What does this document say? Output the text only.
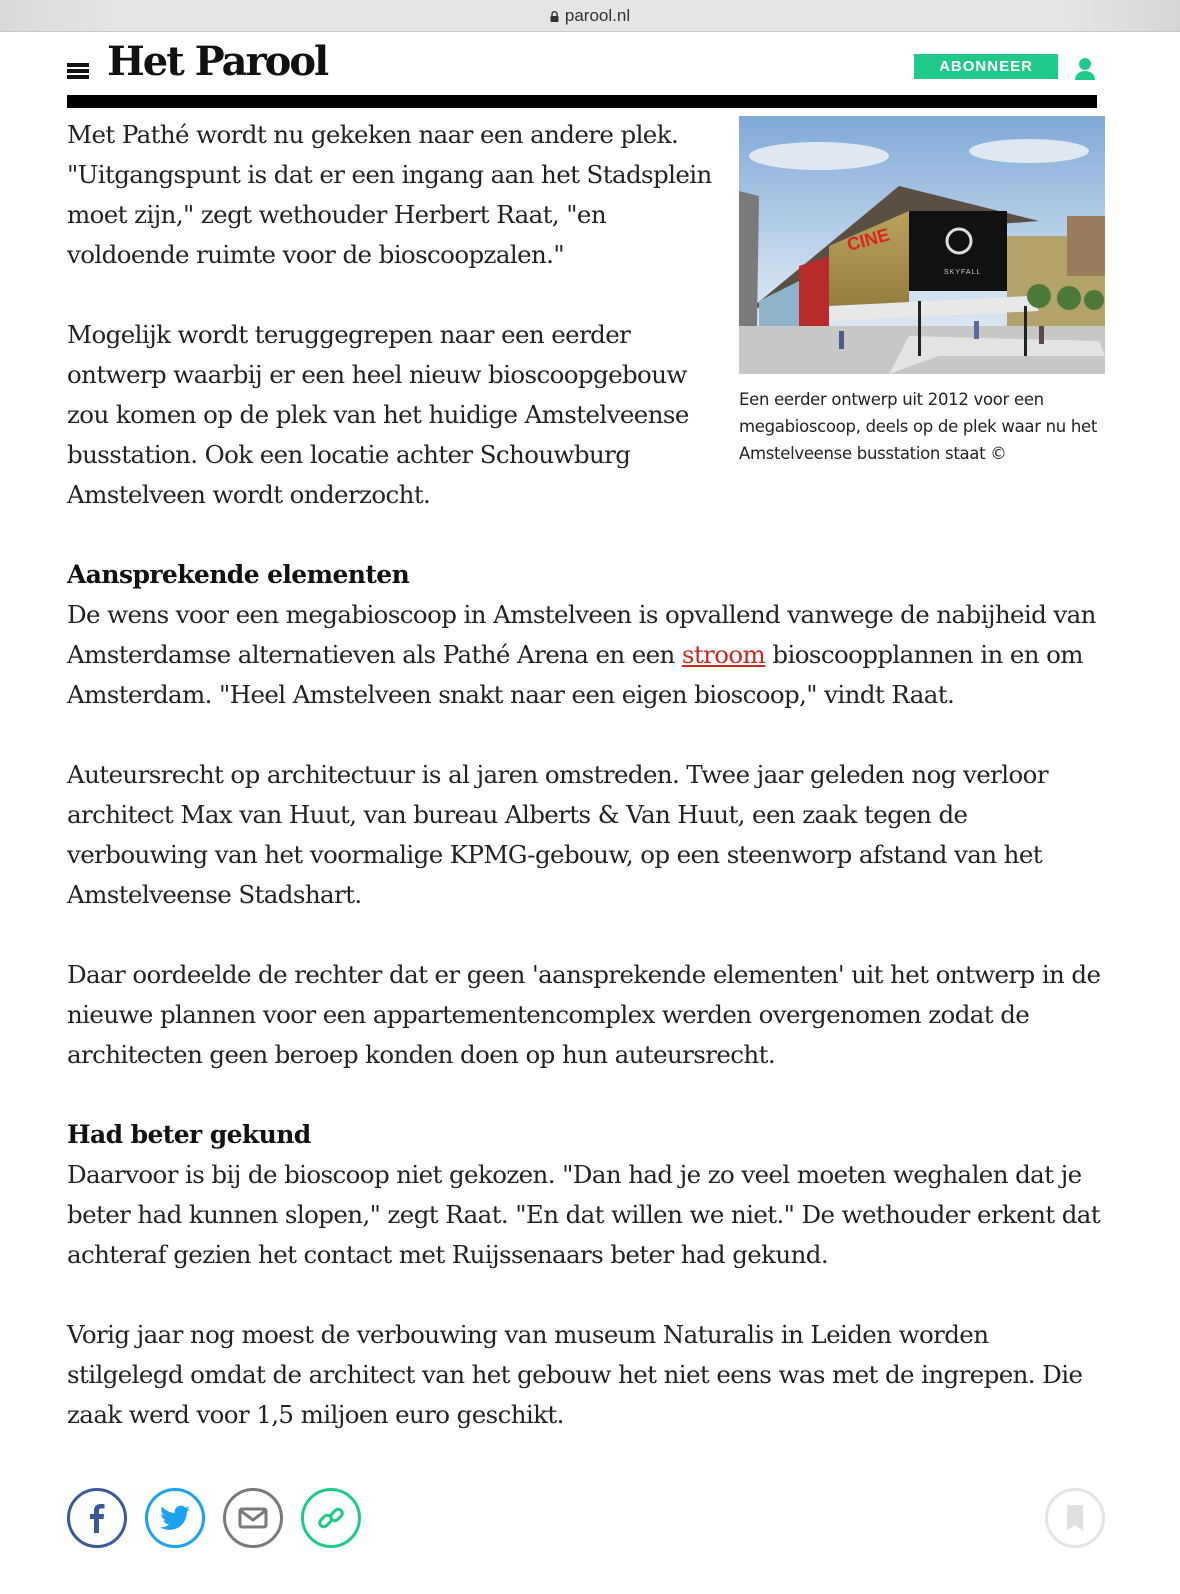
parool.nl
Het Parool	ABONNEER
CINE
SKYFALL
Een eerder ontwerp uit 2012 voor een megabioscoop, deels op de plek waar nu het Amstelveense busstation staat ©

Met Pathé wordt nu gekeken naar een andere plek. "Uitgangspunt is dat er een ingang aan het Stadsplein moet zijn," zegt wethouder Herbert Raat, "en voldoende ruimte voor de bioscoopzalen."

Mogelijk wordt teruggegrepen naar een eerder ontwerp waarbij er een heel nieuw bioscoopgebouw zou komen op de plek van het huidige Amstelveense busstation. Ook een locatie achter Schouwburg Amstelveen wordt onderzocht.

Aansprekende elementen

De wens voor een megabioscoop in Amstelveen is opvallend vanwege de nabijheid van Amsterdamse alternatieven als Pathé Arena en een stroom bioscoopplannen in en om Amsterdam. "Heel Amstelveen snakt naar een eigen bioscoop," vindt Raat.

Auteursrecht op architectuur is al jaren omstreden. Twee jaar geleden nog verloor architect Max van Huut, van bureau Alberts & Van Huut, een zaak tegen de verbouwing van het voormalige KPMG-gebouw, op een steenworp afstand van het Amstelveense Stadshart.

Daar oordeelde de rechter dat er geen 'aansprekende elementen' uit het ontwerp in de nieuwe plannen voor een appartementencomplex werden overgenomen zodat de architecten geen beroep konden doen op hun auteursrecht.

Had beter gekund

Daarvoor is bij de bioscoop niet gekozen. "Dan had je zo veel moeten weghalen dat je beter had kunnen slopen," zegt Raat. "En dat willen we niet." De wethouder erkent dat achteraf gezien het contact met Ruijssenaars beter had gekund.

Vorig jaar nog moest de verbouwing van museum Naturalis in Leiden worden stilgelegd omdat de architect van het gebouw het niet eens was met de ingrepen. Die zaak werd voor 1,5 miljoen euro geschikt.
